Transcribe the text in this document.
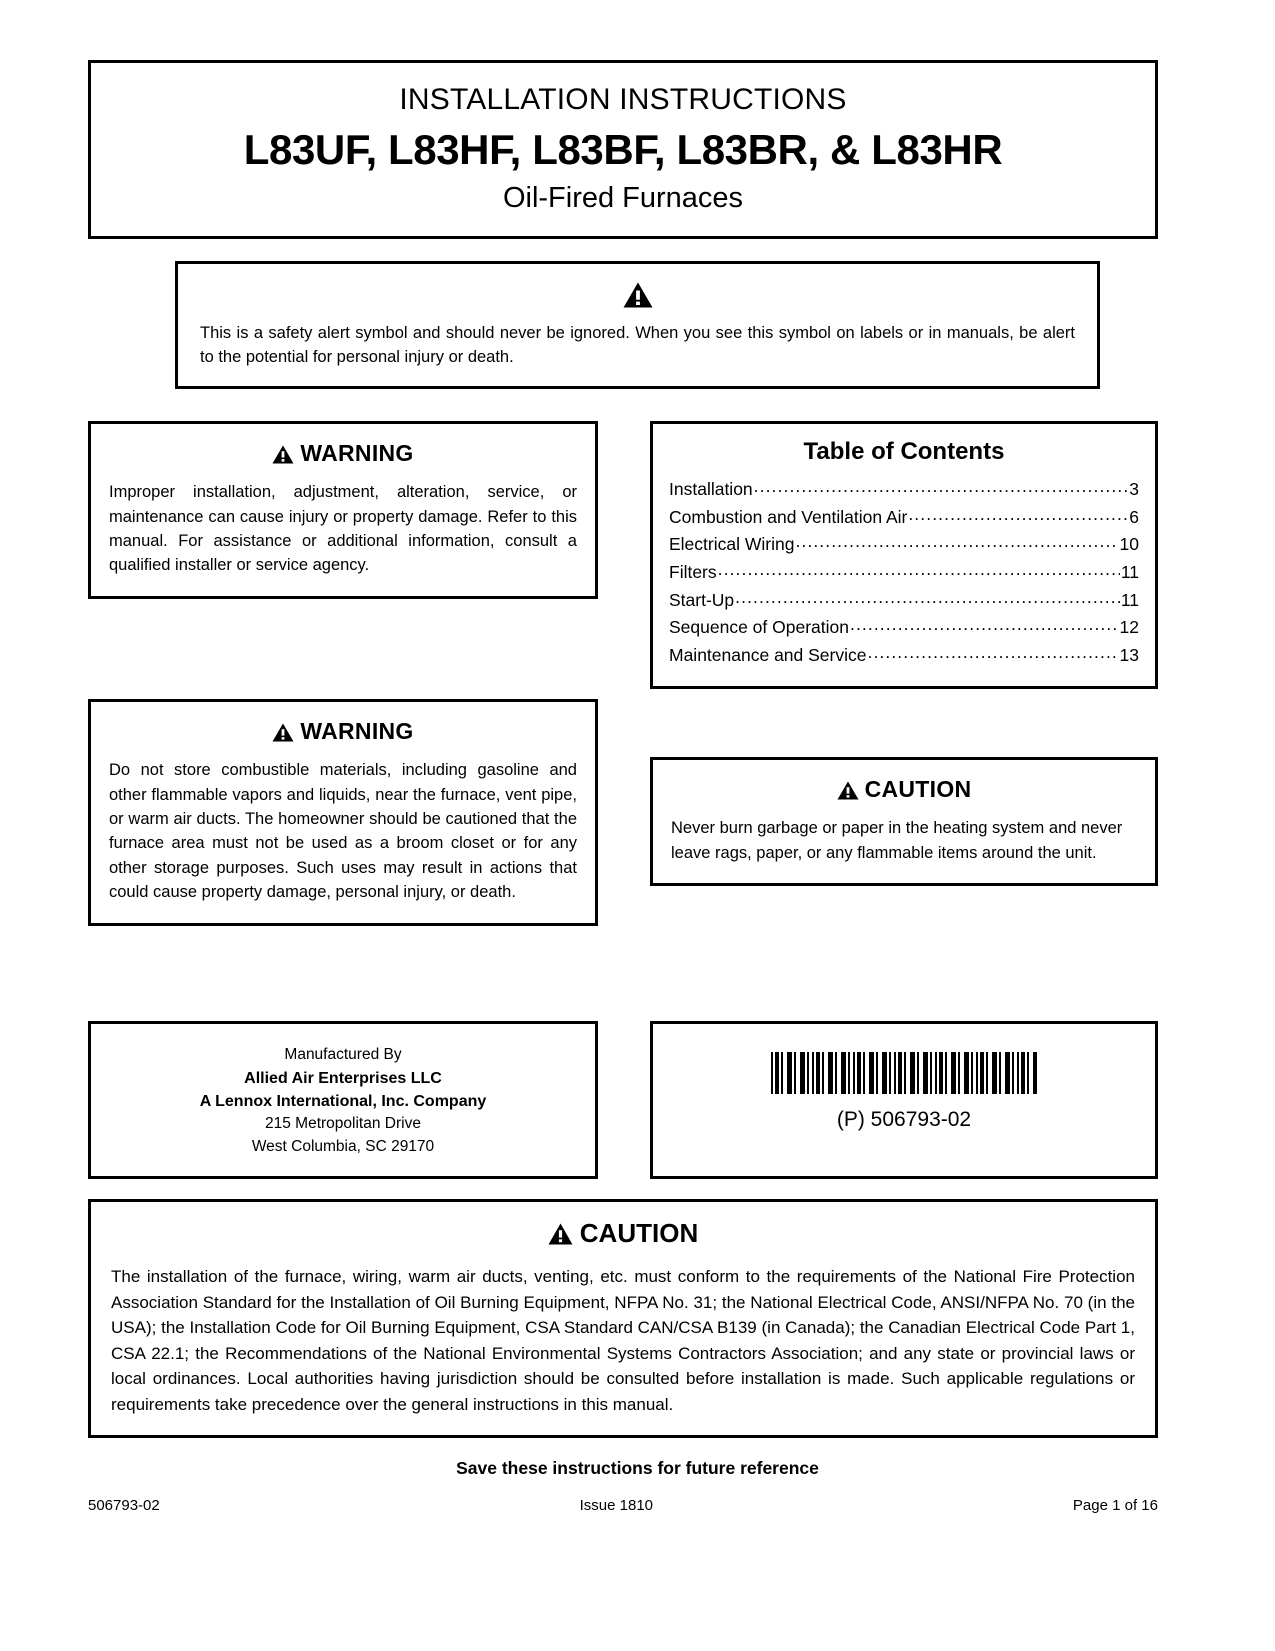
INSTALLATION INSTRUCTIONS
L83UF, L83HF, L83BF, L83BR, & L83HR
Oil-Fired Furnaces
This is a safety alert symbol and should never be ignored. When you see this symbol on labels or in manuals, be alert to the potential for personal injury or death.
WARNING
Improper installation, adjustment, alteration, service, or maintenance can cause injury or property damage. Refer to this manual. For assistance or additional information, consult a qualified installer or service agency.
Table of Contents
Installation .....	3
Combustion and Ventilation Air .....	6
Electrical Wiring .....	10
Filters .....	11
Start-Up .....	11
Sequence of Operation .....	12
Maintenance and Service .....	13
WARNING
Do not store combustible materials, including gasoline and other flammable vapors and liquids, near the furnace, vent pipe, or warm air ducts. The homeowner should be cautioned that the furnace area must not be used as a broom closet or for any other storage purposes. Such uses may result in actions that could cause property damage, personal injury, or death.
CAUTION
Never burn garbage or paper in the heating system and never leave rags, paper, or any flammable items around the unit.
Manufactured By
Allied Air Enterprises LLC
A Lennox International, Inc. Company
215 Metropolitan Drive
West Columbia, SC 29170
(P) 506793-02
CAUTION
The installation of the furnace, wiring, warm air ducts, venting, etc. must conform to the requirements of the National Fire Protection Association Standard for the Installation of Oil Burning Equipment, NFPA No. 31; the National Electrical Code, ANSI/NFPA No. 70 (in the USA); the Installation Code for Oil Burning Equipment, CSA Standard CAN/CSA B139 (in Canada); the Canadian Electrical Code Part 1, CSA 22.1; the Recommendations of the National Environmental Systems Contractors Association; and any state or provincial laws or local ordinances. Local authorities having jurisdiction should be consulted before installation is made. Such applicable regulations or requirements take precedence over the general instructions in this manual.
Save these instructions for future reference
506793-02	Issue 1810	Page 1 of 16
